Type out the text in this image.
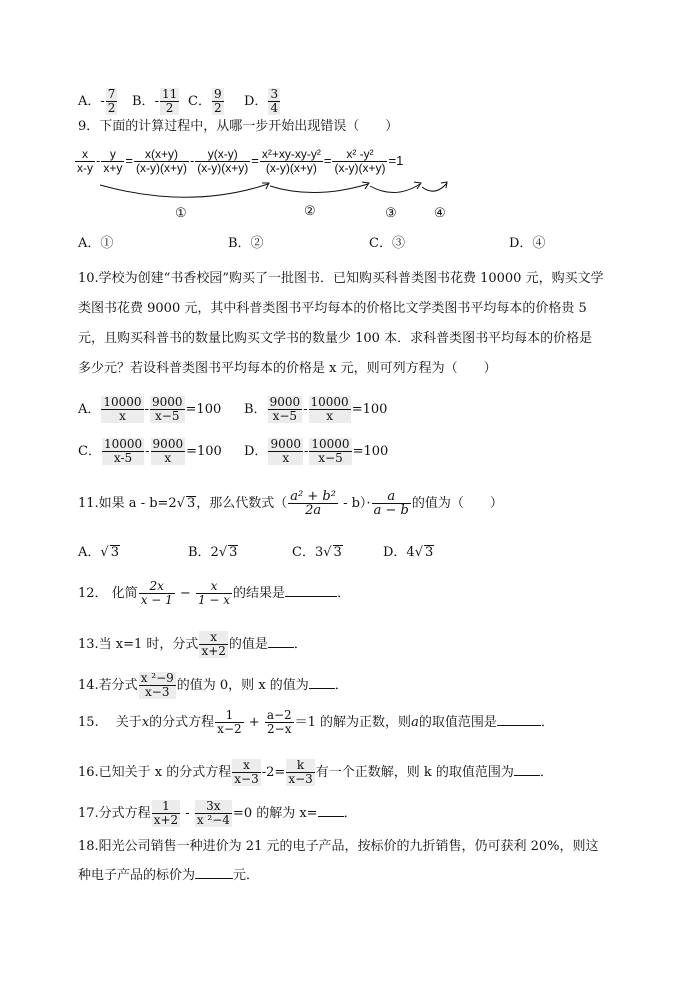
A．- $\frac{7}{2}$ B．- $\frac{11}{2}$ C． $\frac{9}{2}$ D． $\frac{3}{4}$
9．下面的计算过程中，从哪一步开始出现错误（　　）
$\frac{x}{x-y} - \frac{y}{x+y} = \frac{x(x+y)}{(x-y)(x+y)} - \frac{y(x-y)}{(x-y)(x+y)} = \frac{\text{x²+xy-xy-y²}}{(x-y)(x+y)} = \frac{\text{x² -y²}}{(x-y)(x+y)} =1$
①	②	③	④
A．①	B．②	C．③	D．④
10.学校为创建“书香校园”购买了一批图书．已知购买科普类图书花费 10000 元，购买文学
类图书花费 9000 元，其中科普类图书平均每本的价格比文学类图书平均每本的价格贵 5
元，且购买科普书的数量比购买文学书的数量少 100 本．求科普类图书平均每本的价格是
多少元？若设科普类图书平均每本的价格是 x 元，则可列方程为（　　）
A． $\frac{10000}{x} - \frac{9000}{x-5} =100$ B． $\frac{9000}{x-5} - \frac{10000}{x} =100$
C． $\frac{10000}{x-5} - \frac{9000}{x} =100$ D． $\frac{9000}{x} - \frac{10000}{x-5} =100$
11.如果 a - b=2√ 3，那么代数式（ $\frac{\text{a² + b²}}{2a} - b)\cdot \frac{a}{a - b}$ 的值为（　　）
A．√ 3	B．2√ 3	C．3√ 3	D．4√ 3
12． 化简 $\frac{2x}{x - 1} - \frac{x}{1 - x}$ 的结果是	．
13.当 x=1 时，分式 $\frac{x}{x+2}$ 的值是 ．
14.若分式 $\frac{\text{x ²−9}}{x-3}$ 的值为 0，则 x 的值为 ．
15.　 关于x的分式方程 $\frac{1}{x-2} + \frac{a-2}{2-x} =1$ 的解为正数，则a的取值范围是	．
16.已知关于 x 的分式方程 $\frac{x}{x-3} -2= \frac{k}{x-3}$ 有一个正数解，则 k 的取值范围为 ．
17.分式方程 $\frac{1}{x+2} - \frac{3x}{\text{x ²−4}} =0$ 的解为 x= ．
18.阳光公司销售一种进价为 21 元的电子产品，按标价的九折销售，仍可获利 20%，则这
种电子产品的标价为	元．
